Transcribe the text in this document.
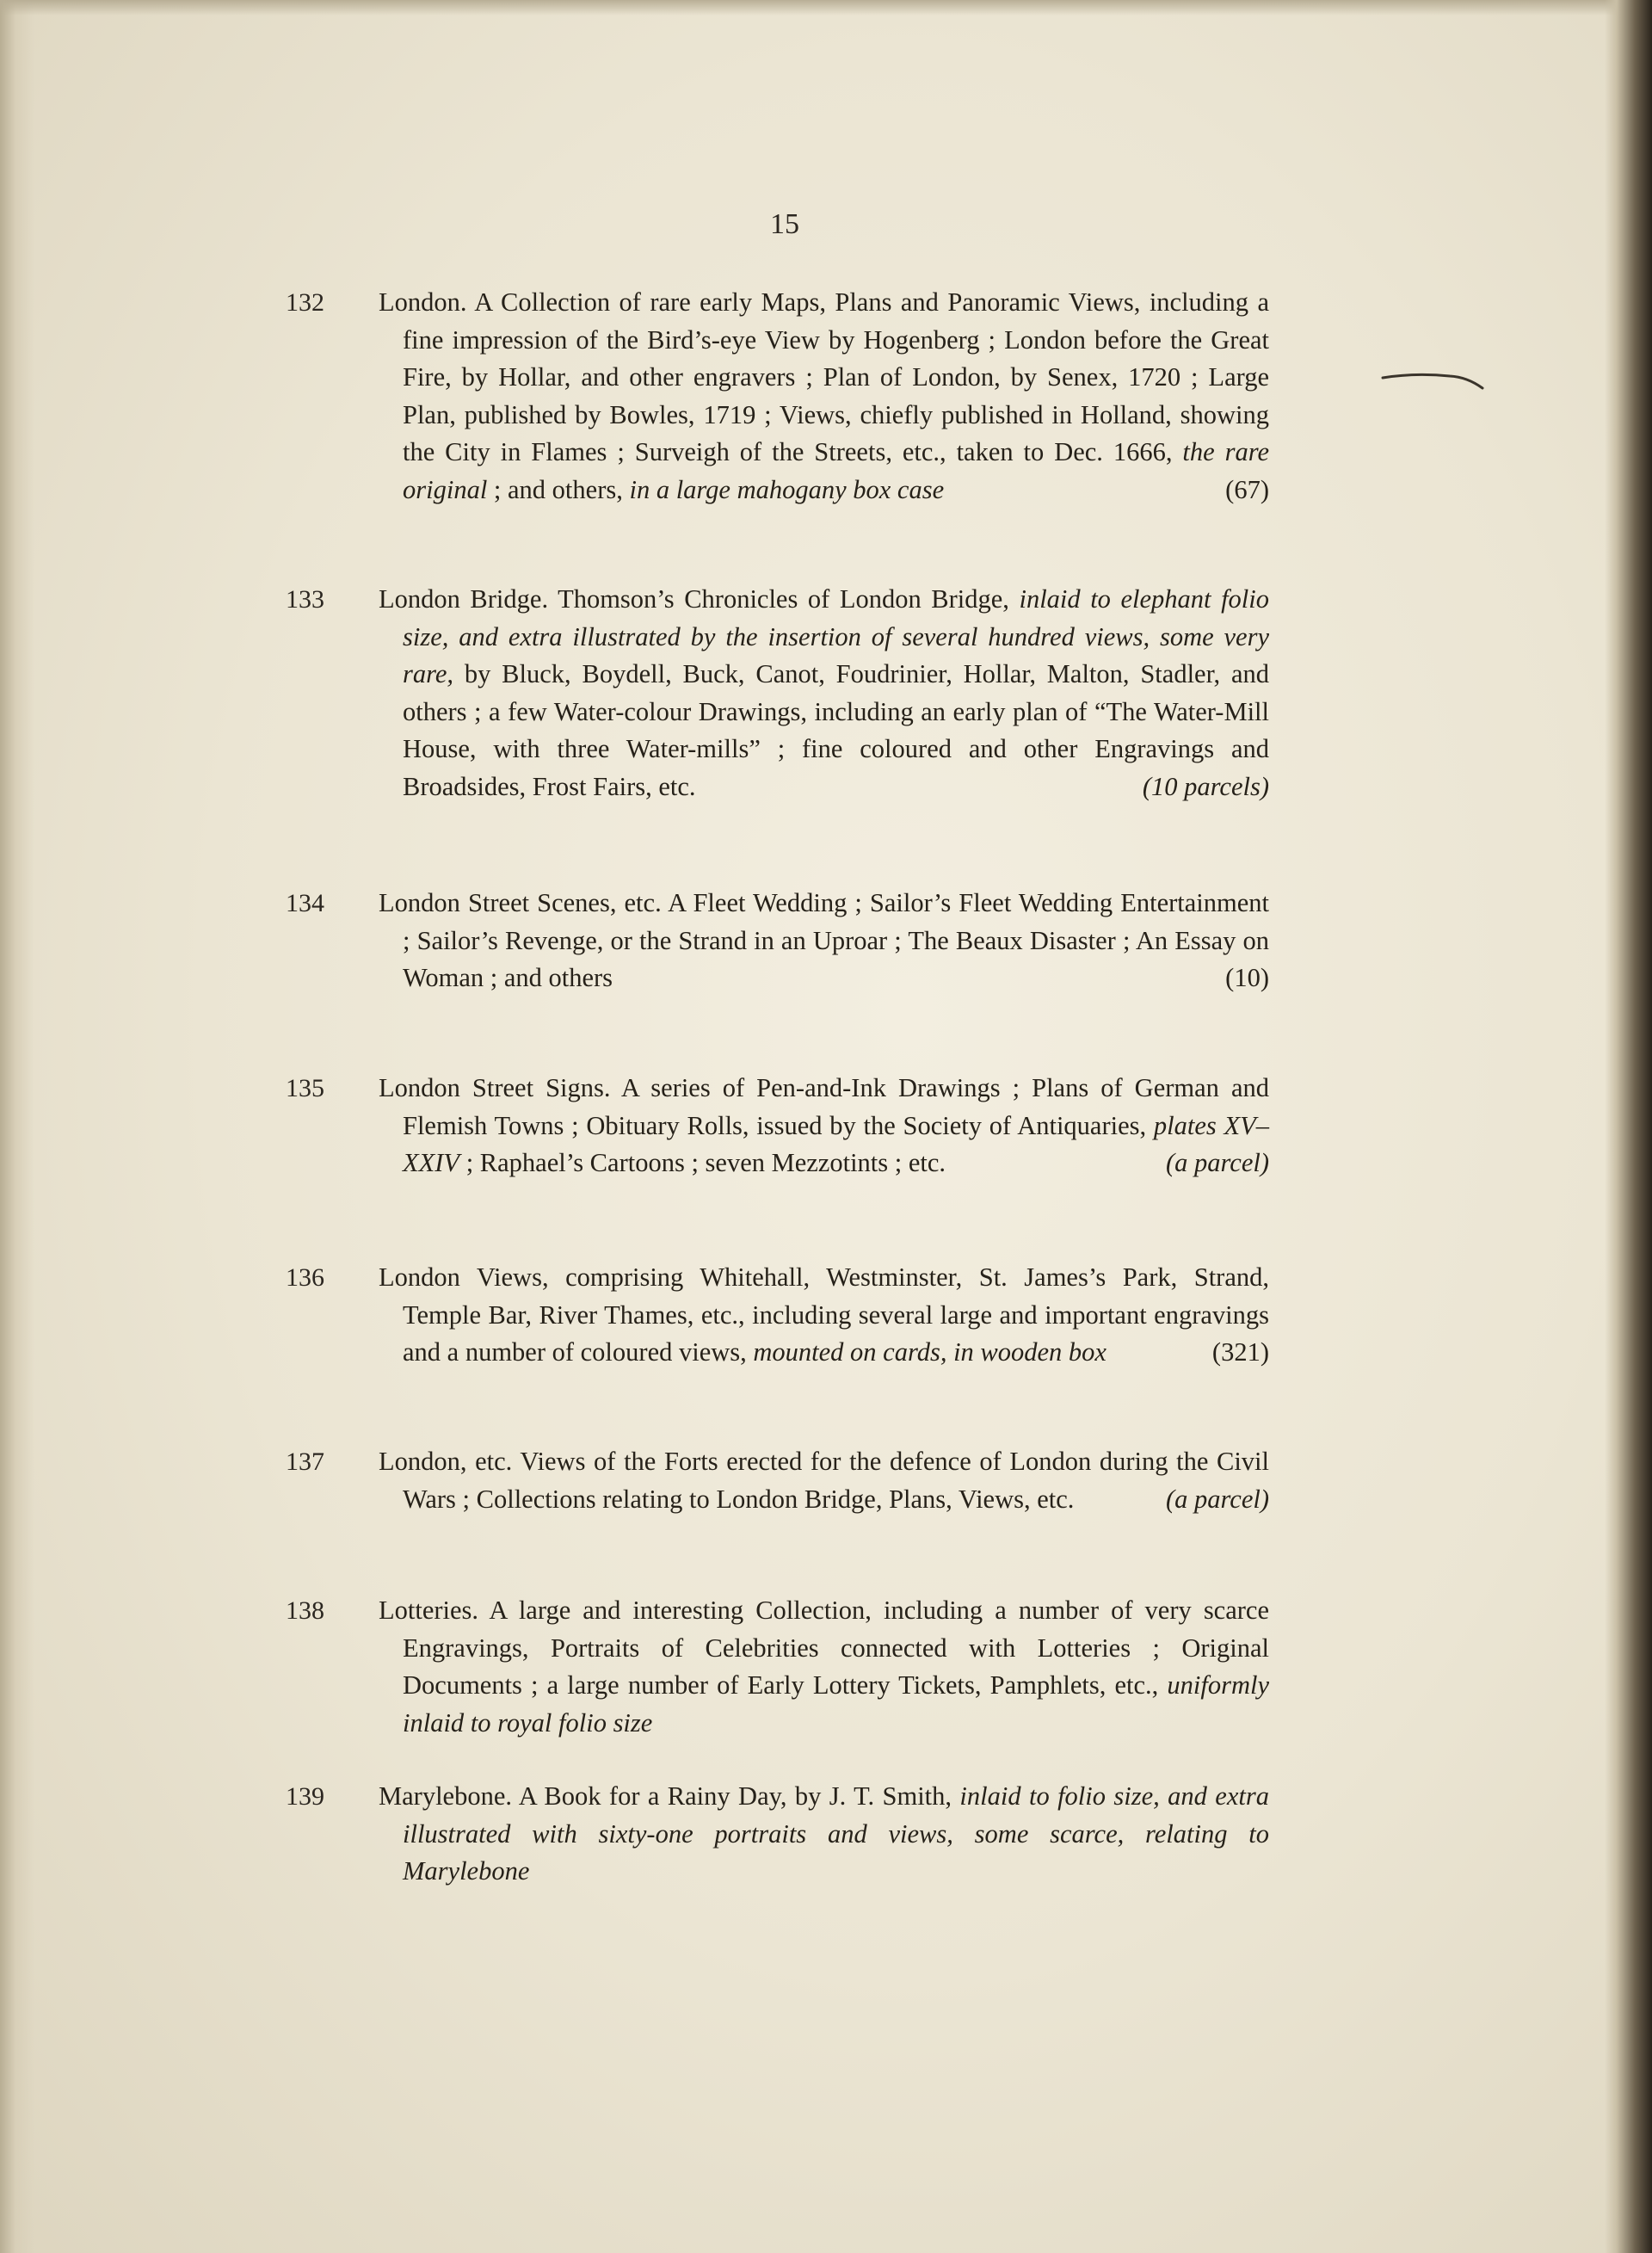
15
132	London. A Collection of rare early Maps, Plans and Panoramic Views, including a fine impression of the Bird’s-eye View by Hogenberg ; London before the Great Fire, by Hollar, and other engravers ; Plan of London, by Senex, 1720 ; Large Plan, published by Bowles, 1719 ; Views, chiefly published in Holland, showing the City in Flames ; Surveigh of the Streets, etc., taken to Dec. 1666, the rare original ; and others, in a large mahogany box case	(67)
133	London Bridge. Thomson’s Chronicles of London Bridge, inlaid to elephant folio size, and extra illustrated by the insertion of several hundred views, some very rare, by Bluck, Boydell, Buck, Canot, Foudrinier, Hollar, Malton, Stadler, and others ; a few Water-colour Drawings, including an early plan of “The Water-Mill House, with three Water-mills” ; fine coloured and other Engravings and Broadsides, Frost Fairs, etc.	(10 parcels)
134	London Street Scenes, etc. A Fleet Wedding ; Sailor’s Fleet Wedding Entertainment ; Sailor’s Revenge, or the Strand in an Uproar ; The Beaux Disaster ; An Essay on Woman ; and others	(10)
135	London Street Signs. A series of Pen-and-Ink Drawings ; Plans of German and Flemish Towns ; Obituary Rolls, issued by the Society of Antiquaries, plates XV–XXIV ; Raphael’s Cartoons ; seven Mezzotints ; etc.	(a parcel)
136	London Views, comprising Whitehall, Westminster, St. James’s Park, Strand, Temple Bar, River Thames, etc., including several large and important engravings and a number of coloured views, mounted on cards, in wooden box	(321)
137	London, etc. Views of the Forts erected for the defence of London during the Civil Wars ; Collections relating to London Bridge, Plans, Views, etc.	(a parcel)
138	Lotteries. A large and interesting Collection, including a number of very scarce Engravings, Portraits of Celebrities connected with Lotteries ; Original Documents ; a large number of Early Lottery Tickets, Pamphlets, etc., uniformly inlaid to royal folio size
139	Marylebone. A Book for a Rainy Day, by J. T. Smith, inlaid to folio size, and extra illustrated with sixty-one portraits and views, some scarce, relating to Marylebone
